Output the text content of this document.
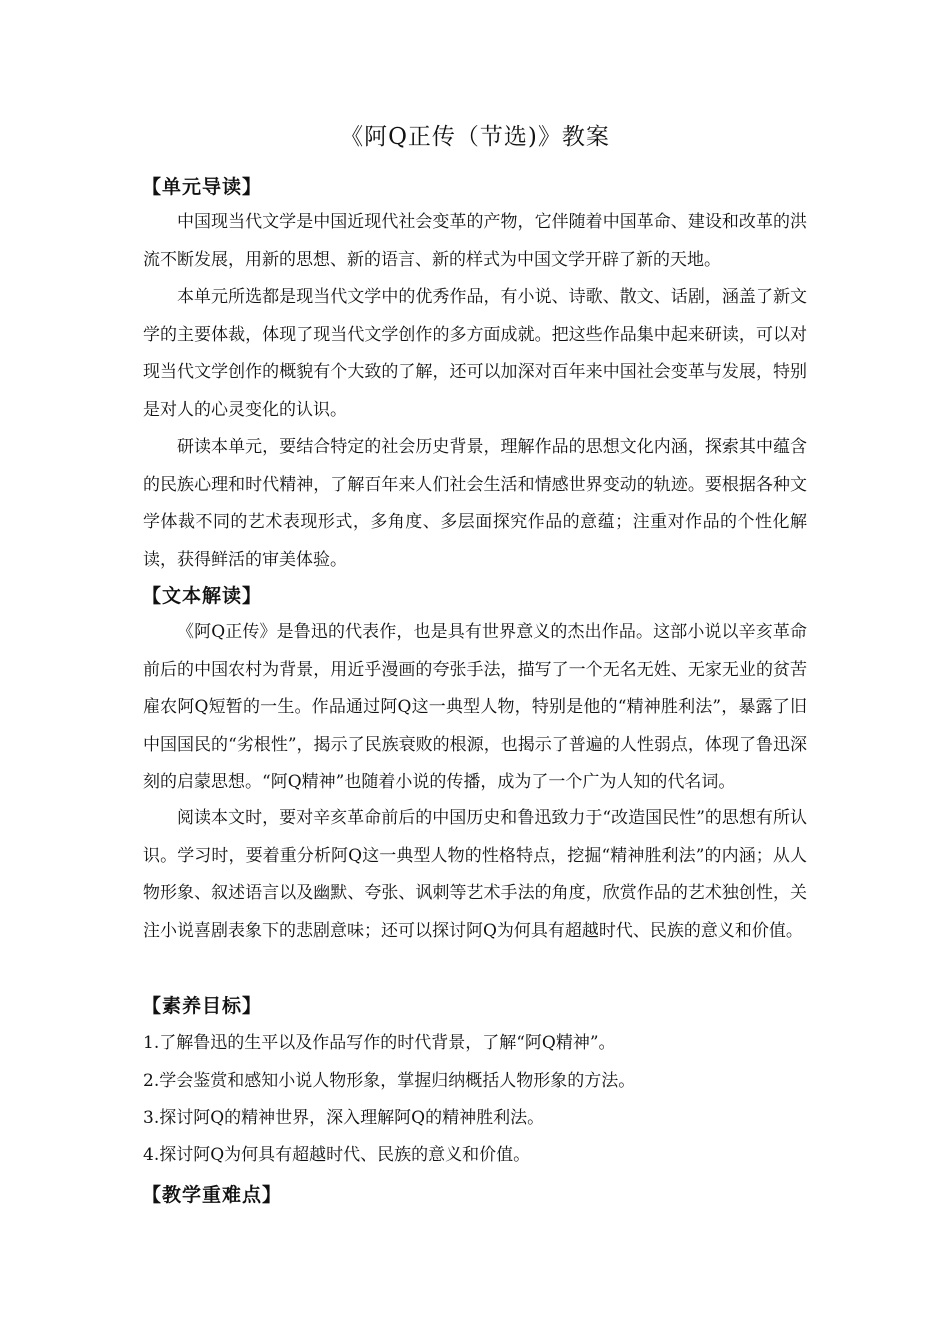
《阿Q正传（节选)》教案
【单元导读】
中国现当代文学是中国近现代社会变革的产物，它伴随着中国革命、建设和改革的洪流不断发展，用新的思想、新的语言、新的样式为中国文学开辟了新的天地。
本单元所选都是现当代文学中的优秀作品，有小说、诗歌、散文、话剧，涵盖了新文学的主要体裁，体现了现当代文学创作的多方面成就。把这些作品集中起来研读，可以对现当代文学创作的概貌有个大致的了解，还可以加深对百年来中国社会变革与发展，特别是对人的心灵变化的认识。
研读本单元，要结合特定的社会历史背景，理解作品的思想文化内涵，探索其中蕴含的民族心理和时代精神，了解百年来人们社会生活和情感世界变动的轨迹。要根据各种文学体裁不同的艺术表现形式，多角度、多层面探究作品的意蕴；注重对作品的个性化解读，获得鲜活的审美体验。
【文本解读】
《阿Q正传》是鲁迅的代表作，也是具有世界意义的杰出作品。这部小说以辛亥革命前后的中国农村为背景，用近乎漫画的夸张手法，描写了一个无名无姓、无家无业的贫苦雇农阿Q短暂的一生。作品通过阿Q这一典型人物，特别是他的“精神胜利法”，暴露了旧中国国民的“劣根性”，揭示了民族衰败的根源，也揭示了普遍的人性弱点，体现了鲁迅深刻的启蒙思想。“阿Q精神”也随着小说的传播，成为了一个广为人知的代名词。
阅读本文时，要对辛亥革命前后的中国历史和鲁迅致力于“改造国民性”的思想有所认识。学习时，要着重分析阿Q这一典型人物的性格特点，挖掘“精神胜利法”的内涵；从人物形象、叙述语言以及幽默、夸张、讽刺等艺术手法的角度，欣赏作品的艺术独创性，关注小说喜剧表象下的悲剧意味；还可以探讨阿Q为何具有超越时代、民族的意义和价值。
【素养目标】
1.了解鲁迅的生平以及作品写作的时代背景，了解“阿Q精神”。
2.学会鉴赏和感知小说人物形象，掌握归纳概括人物形象的方法。
3.探讨阿Q的精神世界，深入理解阿Q的精神胜利法。
4.探讨阿Q为何具有超越时代、民族的意义和价值。
【教学重难点】
